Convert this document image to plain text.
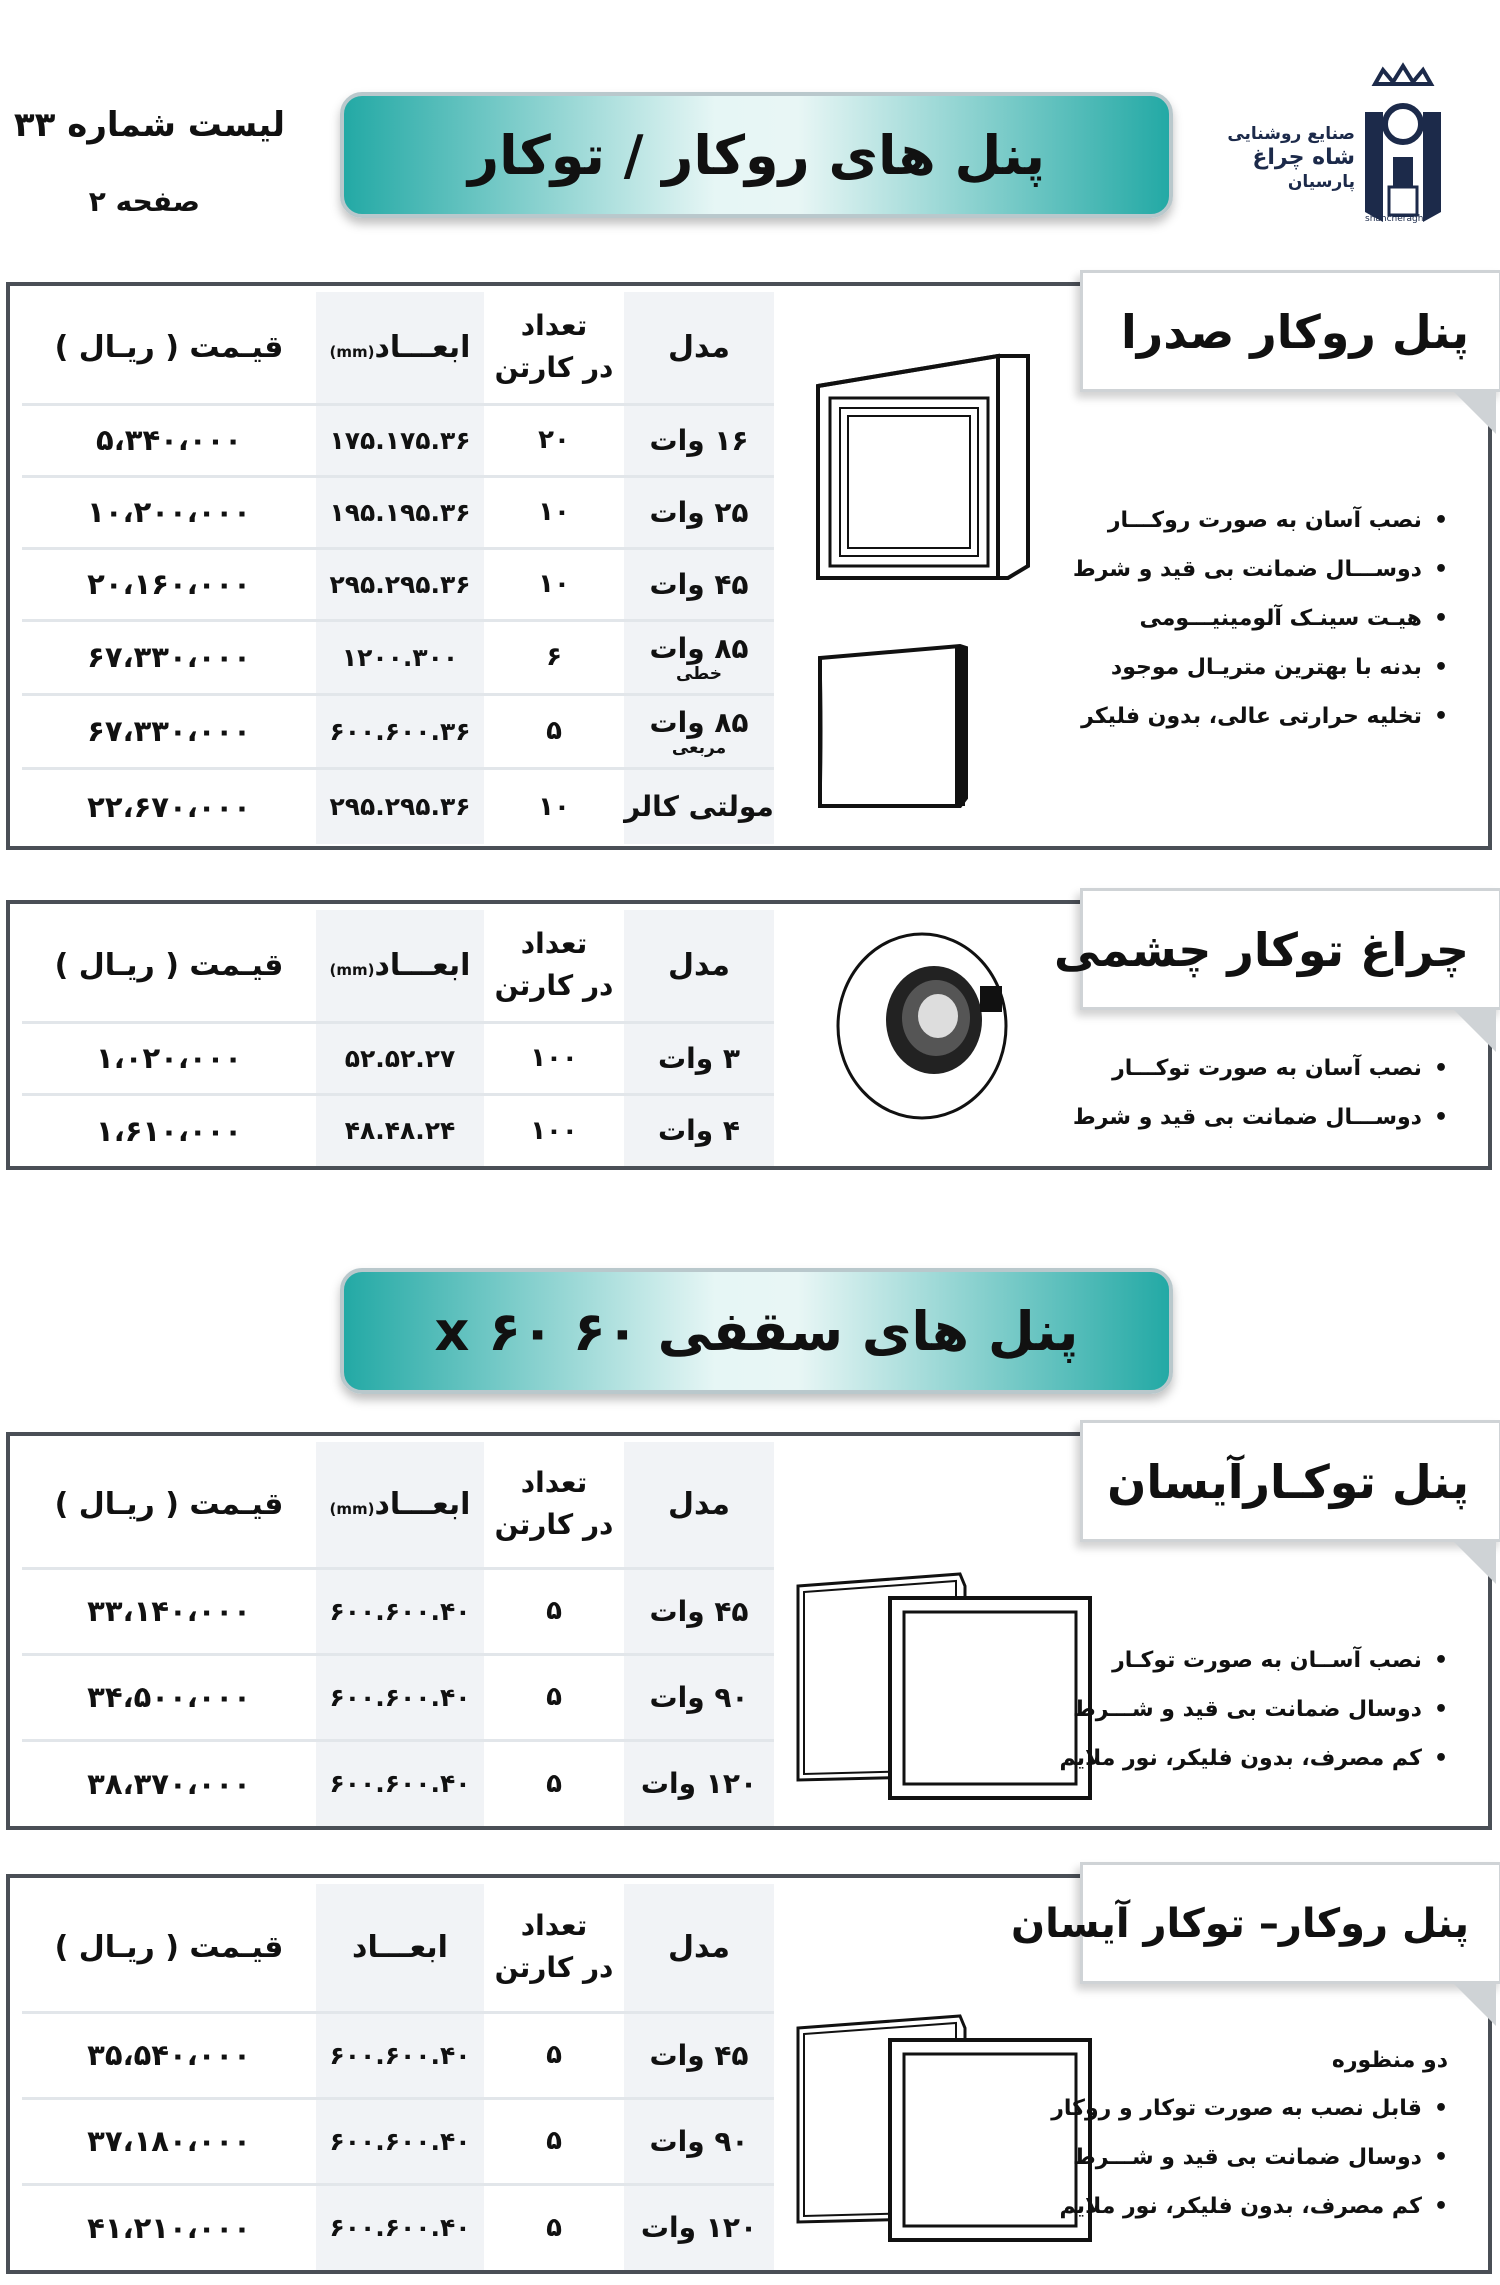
لیست شماره ۳۳
صفحه ۲
پنل های روکار / توکار	صنایع روشنایی
شاه چراغ
پارسیان
shahcheragh
مدل	تعداد
در کارتن	ابعـــاد(mm)	قیـمت ( ریـال )
۱۶ وات	۲۰	۱۷۵.۱۷۵.۳۶	۵،۳۴۰،۰۰۰
۲۵ وات	۱۰	۱۹۵.۱۹۵.۳۶	۱۰،۲۰۰،۰۰۰
۴۵ وات	۱۰	۲۹۵.۲۹۵.۳۶	۲۰،۱۶۰،۰۰۰
۸۵ وات
خطی	۶	۱۲۰۰.۳۰۰	۶۷،۳۳۰،۰۰۰
۸۵ وات
مربعی	۵	۶۰۰.۶۰۰.۳۶	۶۷،۳۳۰،۰۰۰
مولتی کالر	۱۰	۲۹۵.۲۹۵.۳۶	۲۲،۶۷۰،۰۰۰
پنل روکار صدرا
• نصب آسان به صورت روکـــار
• دوســـال ضمانت بی قید و شرط
• هیـت سینـک آلومینیـــومی
• بدنه با بهترین متریـال موجود
• تخلیه حرارتی عالی، بدون فلیکر
مدل	تعداد
در کارتن	ابعـــاد(mm)	قیـمت ( ریـال )
۳ وات	۱۰۰	۵۲.۵۲.۲۷	۱،۰۲۰،۰۰۰
۴ وات	۱۰۰	۴۸.۴۸.۲۴	۱،۶۱۰،۰۰۰
چراغ توکار چشمی
• نصب آسان به صورت توکـــار
• دوســـال ضمانت بی قید و شرط
پنل های سقفی ۶۰ x ۶۰
مدل	تعداد
در کارتن	ابعـــاد(mm)	قیـمت ( ریـال )
۴۵ وات	۵	۶۰۰.۶۰۰.۴۰	۳۳،۱۴۰،۰۰۰
۹۰ وات	۵	۶۰۰.۶۰۰.۴۰	۳۴،۵۰۰،۰۰۰
۱۲۰ وات	۵	۶۰۰.۶۰۰.۴۰	۳۸،۳۷۰،۰۰۰
پنل توکـارآیسان
• نصب آســان به صورت توکـار
• دوسال ضمانت بی قید و شـــرط
• کم مصرف، بدون فلیکر، نور ملایم
مدل	تعداد
در کارتن	ابعـــاد	قیـمت ( ریـال )
۴۵ وات	۵	۶۰۰.۶۰۰.۴۰	۳۵،۵۴۰،۰۰۰
۹۰ وات	۵	۶۰۰.۶۰۰.۴۰	۳۷،۱۸۰،۰۰۰
۱۲۰ وات	۵	۶۰۰.۶۰۰.۴۰	۴۱،۲۱۰،۰۰۰
پنل روکار– توکار آیسان
دو منظوره
• قابل نصب به صورت توکار و روکار
• دوسال ضمانت بی قید و شـــرط
• کم مصرف، بدون فلیکر، نور ملایم
